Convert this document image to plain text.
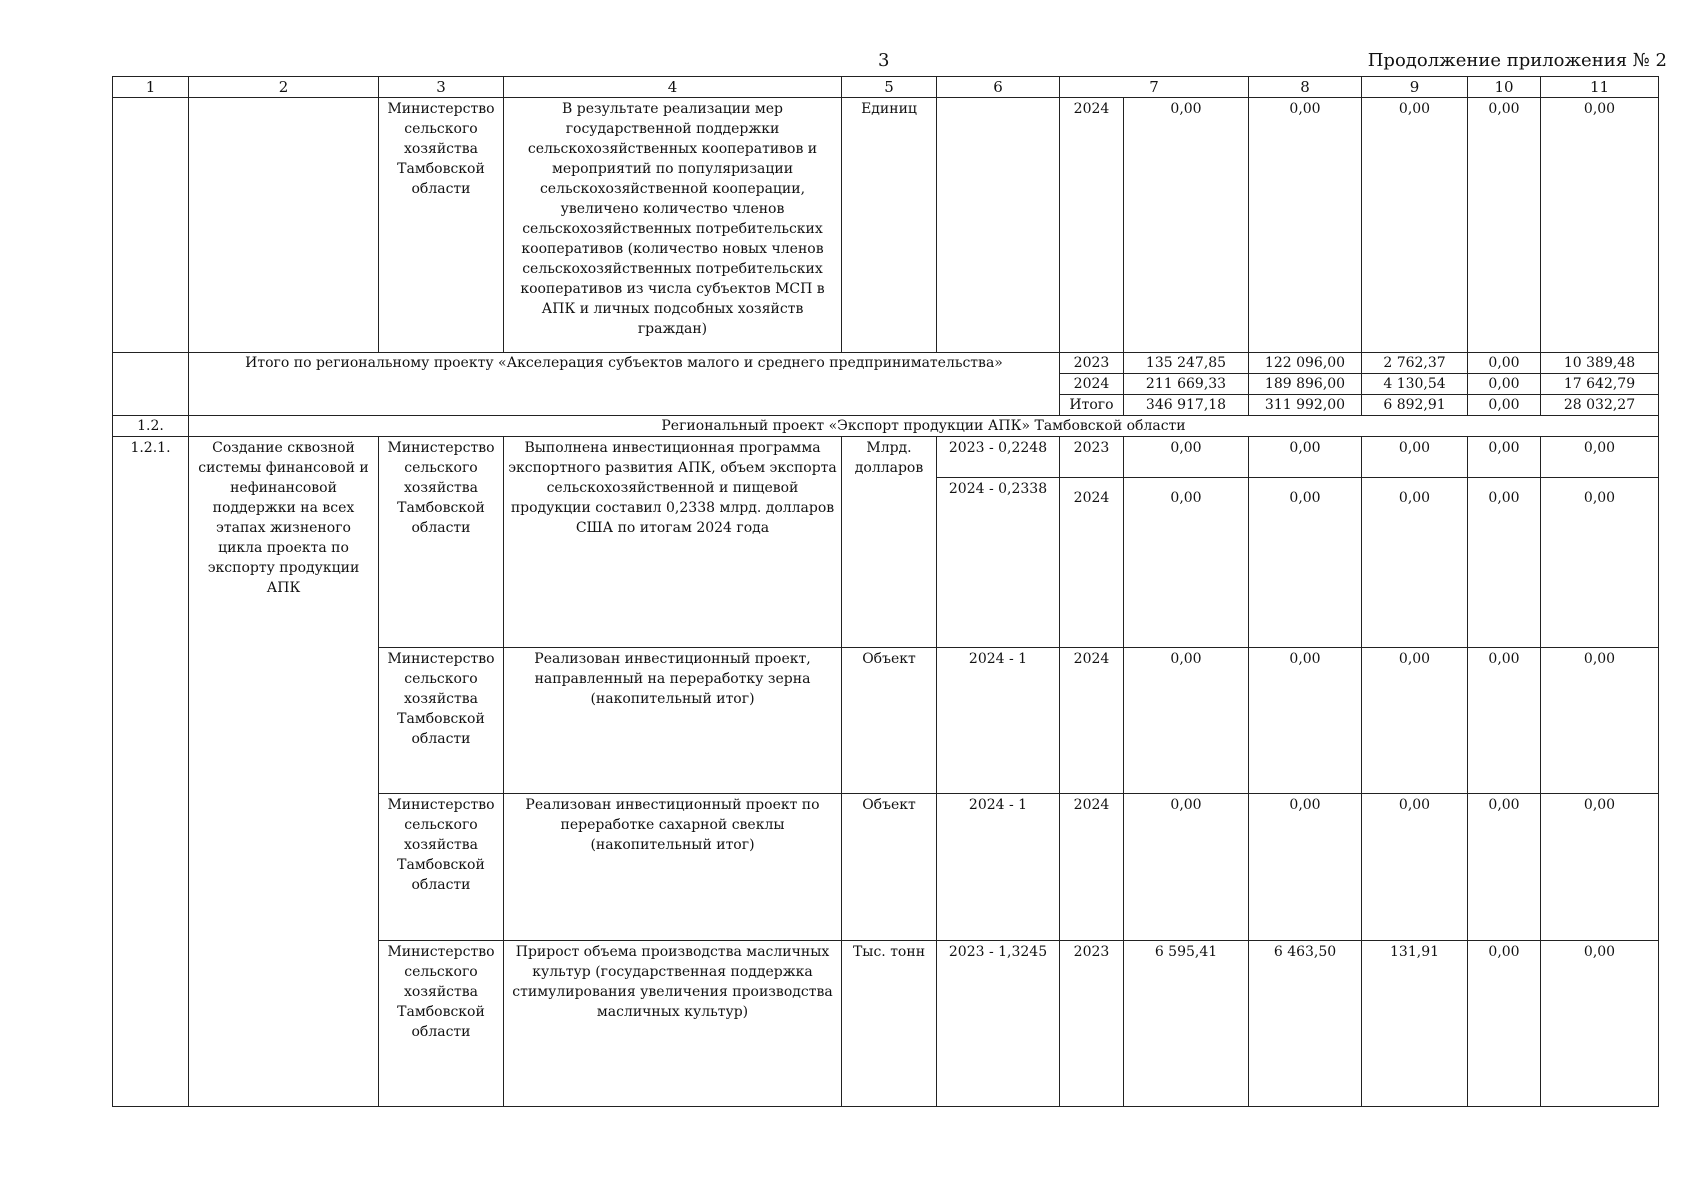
3	Продолжение приложения № 2
1	2	3	4	5	6	7		8	9	10	11
		Министерство сельского хозяйства Тамбовской области	В результате реализации мер государственной поддержки сельскохозяйственных кооперативов и мероприятий по популяризации сельскохозяйственной кооперации, увеличено количество членов сельскохозяйственных потребительских кооперативов (количество новых членов сельскохозяйственных потребительских кооперативов из числа субъектов МСП в АПК и личных подсобных хозяйств граждан)	Единиц		2024	0,00	0,00	0,00	0,00	0,00
	Итого по региональному проекту «Акселерация субъектов малого и среднего предпринимательства»					2023	135 247,85	122 096,00	2 762,37	0,00	10 389,48
						2024	211 669,33	189 896,00	4 130,54	0,00	17 642,79
						Итого	346 917,18	311 992,00	6 892,91	0,00	28 032,27
1.2.	Региональный проект «Экспорт продукции АПК» Тамбовской области										
1.2.1.	Создание сквозной системы финансовой и нефинансовой поддержки на всех этапах жизненого цикла проекта по экспорту продукции АПК	Министерство сельского хозяйства Тамбовской области	Выполнена инвестиционная программа экспортного развития АПК, объем экспорта сельскохозяйственной и пищевой продукции составил 0,2338 млрд. долларов США по итогам 2024 года	Млрд. долларов	2023 - 0,2248	2023	0,00	0,00	0,00	0,00	0,00
					2024 - 0,2338	2024	0,00	0,00	0,00	0,00	0,00
		Министерство сельского хозяйства Тамбовской области	Реализован инвестиционный проект, направленный на переработку зерна (накопительный итог)	Объект	2024 - 1	2024	0,00	0,00	0,00	0,00	0,00
		Министерство сельского хозяйства Тамбовской области	Реализован инвестиционный проект по переработке сахарной свеклы (накопительный итог)	Объект	2024 - 1	2024	0,00	0,00	0,00	0,00	0,00
		Министерство сельского хозяйства Тамбовской области	Прирост объема производства масличных культур (государственная поддержка стимулирования увеличения производства масличных культур)	Тыс. тонн	2023 - 1,3245	2023	6 595,41	6 463,50	131,91	0,00	0,00
